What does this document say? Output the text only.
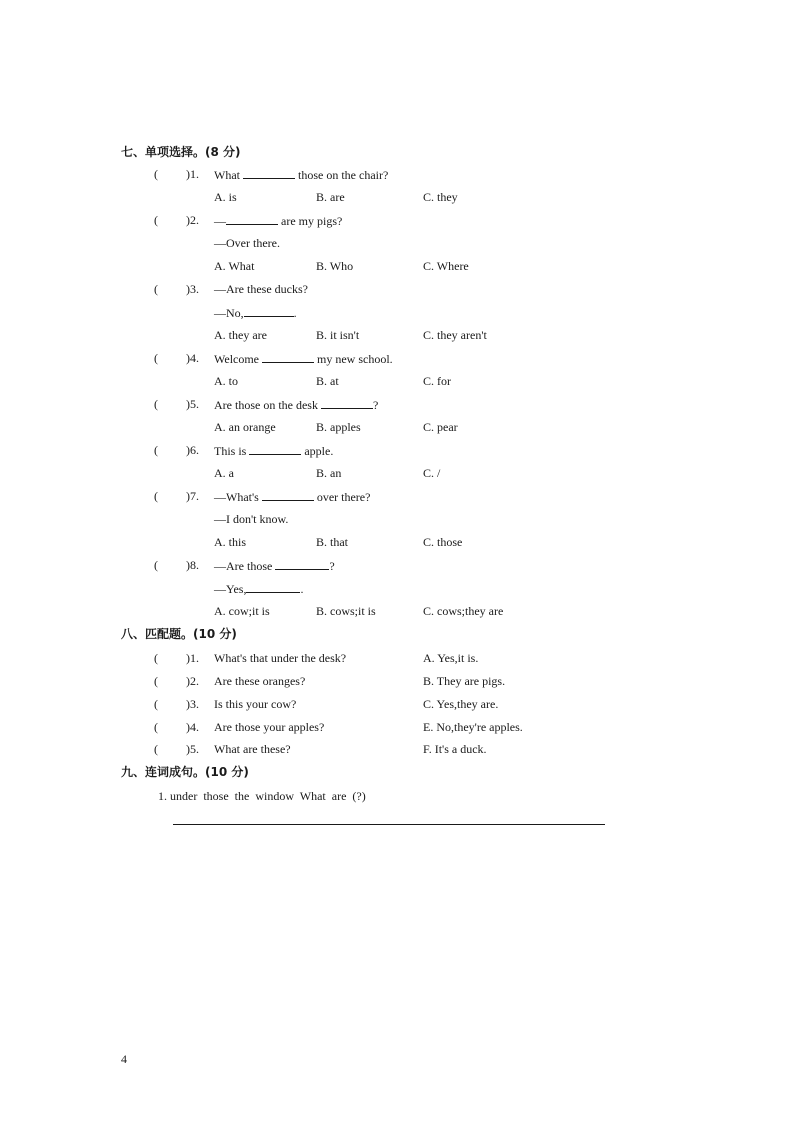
七、单项选择。(8 分)
( )1. What	those on the chair?
A. is	B. are	C. they
( )2. —	are my pigs?
—Over there.
A. What	B. Who	C. Where
( )3. —Are these ducks?
—No,	.
A. they are	B. it isn't	C. they aren't
( )4. Welcome	my new school.
A. to	B. at	C. for
( )5. Are those on the desk	?
A. an orange	B. apples	C. pear
( )6. This is	apple.
A. a	B. an	C. /
( )7. —What's	over there?
—I don't know.
A. this	B. that	C. those
( )8. —Are those	?
—Yes,	.
A. cow;it is	B. cows;it is	C. cows;they are
八、匹配题。(10 分)
( )1. What's that under the desk?	A. Yes,it is.
( )2. Are these oranges?	B. They are pigs.
( )3. Is this your cow?	C. Yes,they are.
( )4. Are those your apples?	E. No,they're apples.
( )5. What are these?	F. It's a duck.
九、连词成句。(10 分)
1. under  those  the  window  What  are  (?)
4
